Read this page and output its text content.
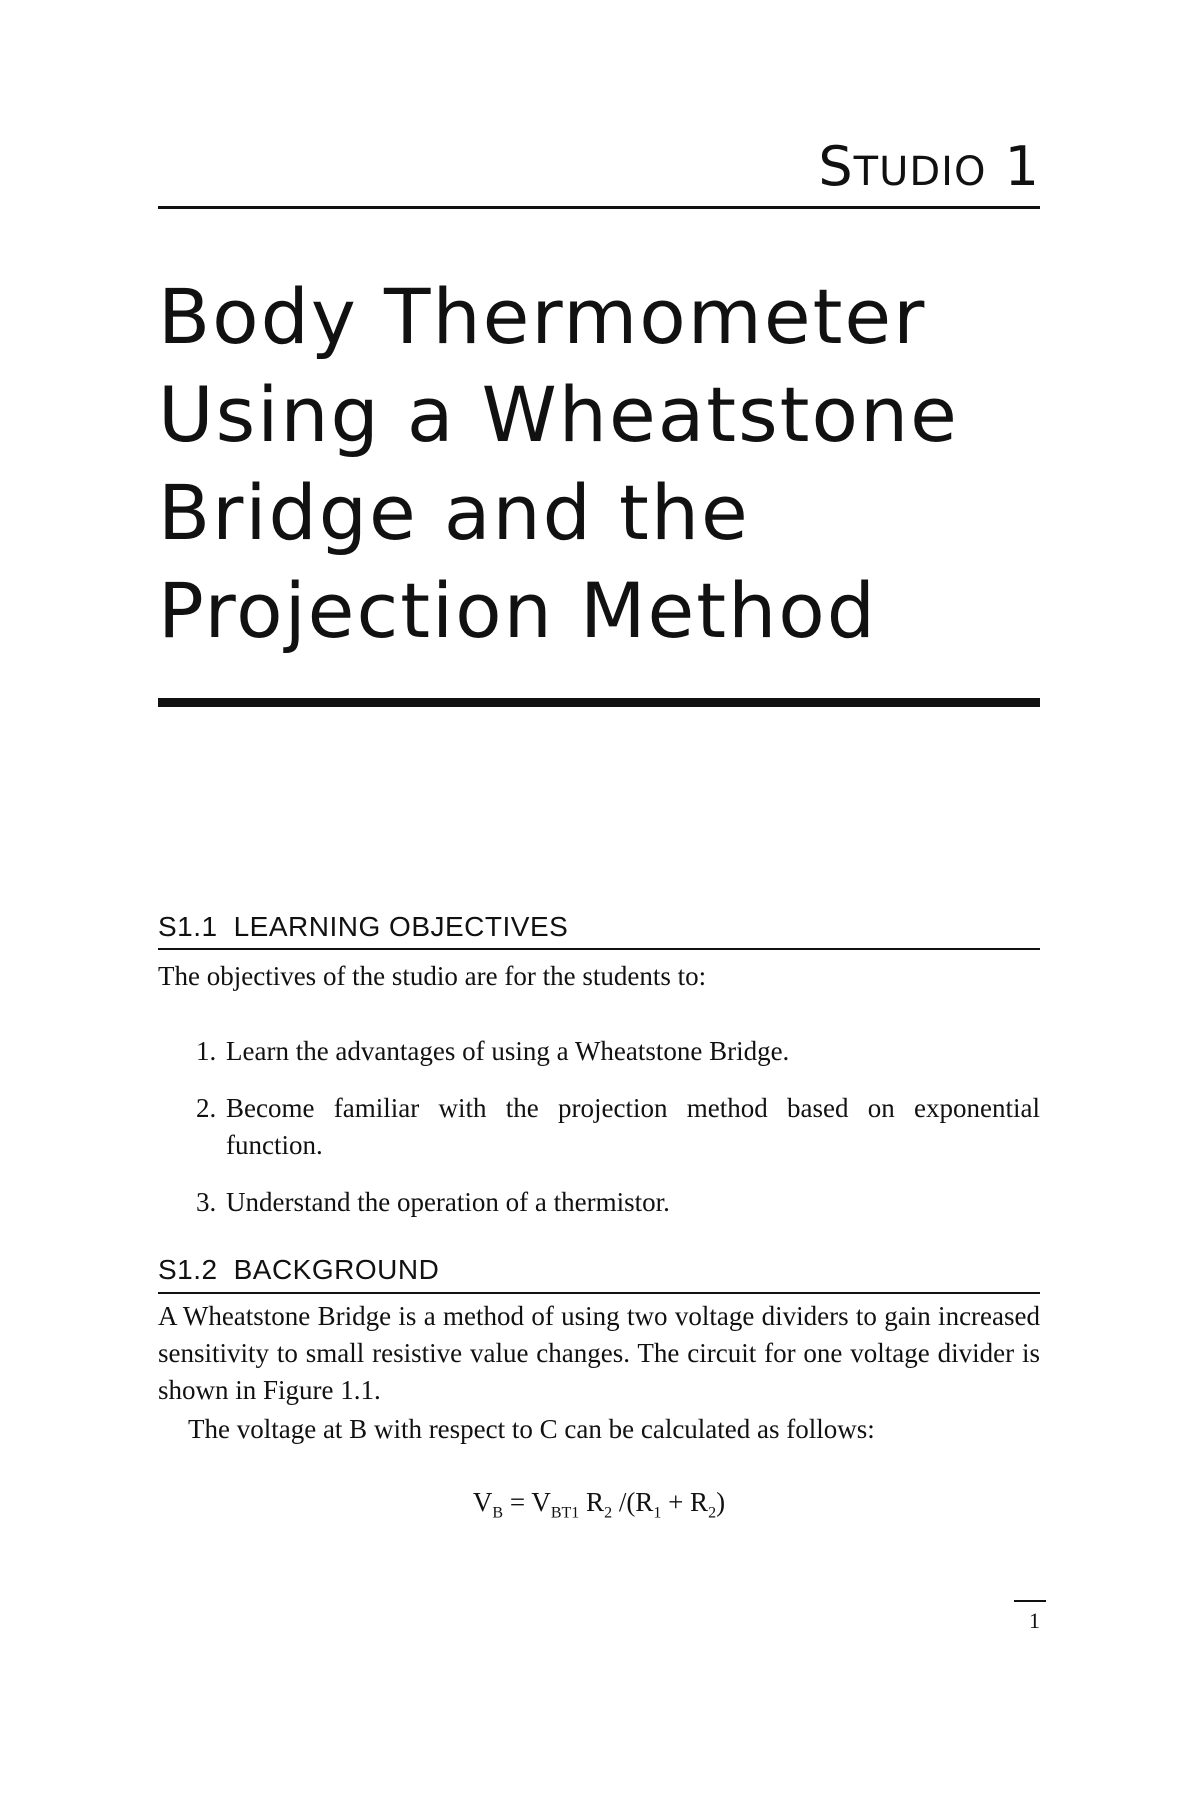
STUDIO 1
Body Thermometer
Using a Wheatstone
Bridge and the
Projection Method
S1.1 LEARNING OBJECTIVES

The objectives of the studio are for the students to:

1. Learn the advantages of using a Wheatstone Bridge.
2. Become familiar with the projection method based on exponential function.
3. Understand the operation of a thermistor.
S1.2 BACKGROUND

A Wheatstone Bridge is a method of using two voltage dividers to gain increased sensitivity to small resistive value changes. The circuit for one voltage divider is shown in Figure 1.1.

The voltage at B with respect to C can be calculated as follows:

$V_B = V_{BT1}$ $R_2$ $/(R_1 + R_2)$
1
